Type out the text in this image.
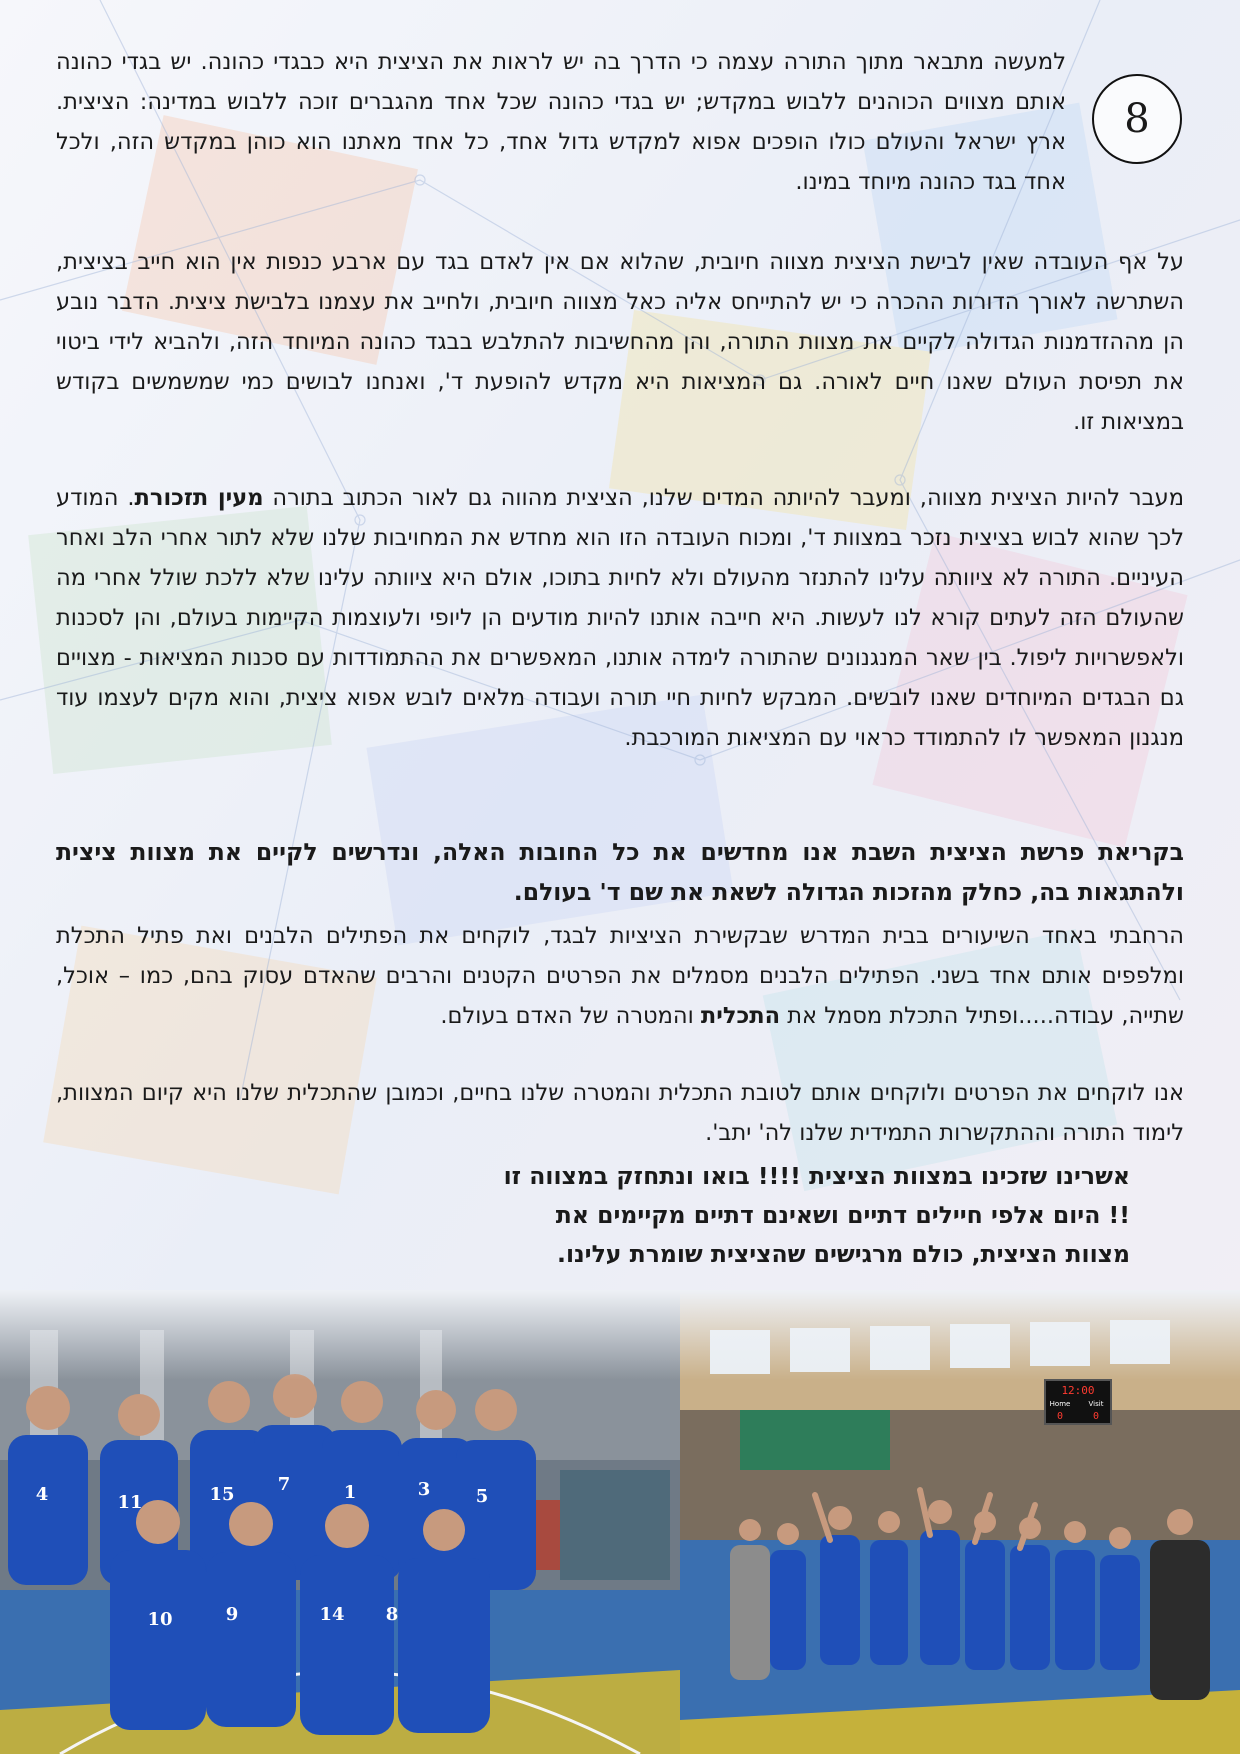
8

למעשה מתבאר מתוך התורה עצמה כי הדרך בה יש לראות את הציצית היא כבגדי כהונה. יש בגדי כהונה אותם מצווים הכוהנים ללבוש במקדש; יש בגדי כהונה שכל אחד מהגברים זוכה ללבוש במדינה: הציצית. ארץ ישראל והעולם כולו הופכים אפוא למקדש גדול אחד, כל אחד מאתנו הוא כוהן במקדש הזה, ולכל אחד בגד כהונה מיוחד במינו.

על אף העובדה שאין לבישת הציצית מצווה חיובית, שהלוא אם אין לאדם בגד עם ארבע כנפות אין הוא חייב בציצית, השתרשה לאורך הדורות ההכרה כי יש להתייחס אליה כאל מצווה חיובית, ולחייב את עצמנו בלבישת ציצית. הדבר נובע הן מההזדמנות הגדולה לקיים את מצוות התורה, והן מהחשיבות להתלבש בבגד כהונה המיוחד הזה, ולהביא לידי ביטוי את תפיסת העולם שאנו חיים לאורה. גם המציאות היא מקדש להופעת ד', ואנחנו לבושים כמי שמשמשים בקודש במציאות זו.

מעבר להיות הציצית מצווה, ומעבר להיותה המדים שלנו, הציצית מהווה גם לאור הכתוב בתורה מעין תזכורת. המודע לכך שהוא לבוש בציצית נזכר במצוות ד', ומכוח העובדה הזו הוא מחדש את המחויבות שלנו שלא לתור אחרי הלב ואחר העיניים. התורה לא ציוותה עלינו להתנזר מהעולם ולא לחיות בתוכו, אולם היא ציוותה עלינו שלא ללכת שולל אחרי מה שהעולם הזה לעתים קורא לנו לעשות. היא חייבה אותנו להיות מודעים הן ליופי ולעוצמות הקיימות בעולם, והן לסכנות ולאפשרויות ליפול. בין שאר המנגנונים שהתורה לימדה אותנו, המאפשרים את ההתמודדות עם סכנות המציאות - מצויים גם הבגדים המיוחדים שאנו לובשים. המבקש לחיות חיי תורה ועבודה מלאים לובש אפוא ציצית, והוא מקים לעצמו עוד מנגנון המאפשר לו להתמודד כראוי עם המציאות המורכבת.

בקריאת פרשת הציצית השבת אנו מחדשים את כל החובות האלה, ונדרשים לקיים את מצוות ציצית ולהתגאות בה, כחלק מהזכות הגדולה לשאת את שם ד' בעולם.

הרחבתי באחד השיעורים בבית המדרש שבקשירת הציציות לבגד, לוקחים את הפתילים הלבנים ואת פתיל התכלת ומלפפים אותם אחד בשני. הפתילים הלבנים מסמלים את הפרטים הקטנים והרבים שהאדם עסוק בהם, כמו – אוכל, שתייה, עבודה.....ופתיל התכלת מסמל את התכלית והמטרה של האדם בעולם.

אנו לוקחים את הפרטים ולוקחים אותם לטובת התכלית והמטרה שלנו בחיים, וכמובן שהתכלית שלנו היא קיום המצוות, לימוד התורה וההתקשרות התמידית שלנו לה' יתב'.

אשרינו שזכינו במצוות הציצית !!!! בואו ונתחזק במצווה זו

!! היום אלפי חיילים דתיים ושאינם דתיים מקיימים את

מצוות הציצית, כולם מרגישים שהציצית שומרת עלינו.

4	11	15 7	1	3	5
10	9	14 8
12:00
Home	Visit
0	0
